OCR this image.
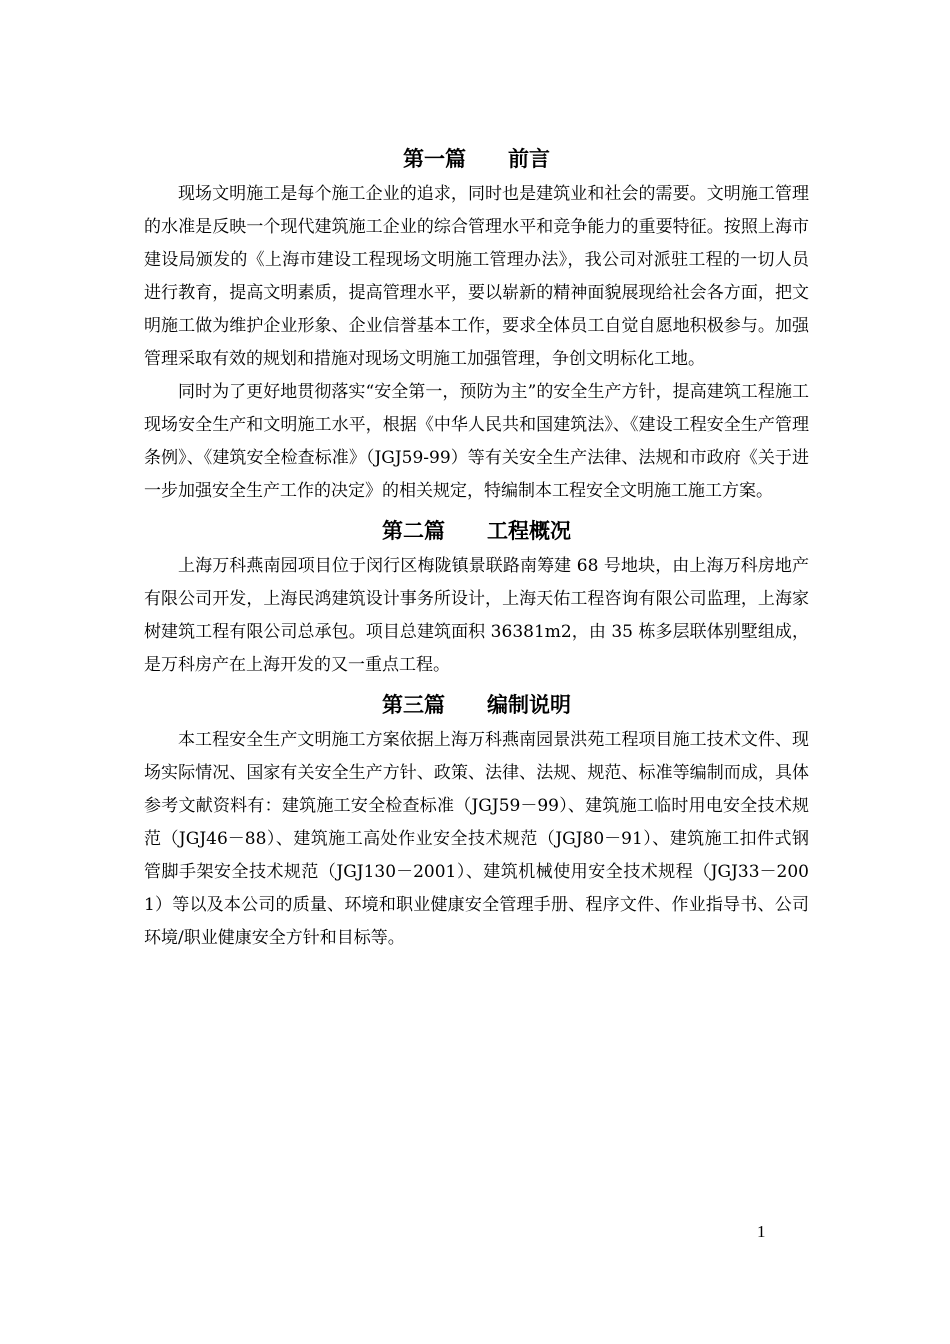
第一篇　　前言

现场文明施工是每个施工企业的追求，同时也是建筑业和社会的需要。文明施工管理的水准是反映一个现代建筑施工企业的综合管理水平和竞争能力的重要特征。按照上海市建设局颁发的《上海市建设工程现场文明施工管理办法》，我公司对派驻工程的一切人员进行教育，提高文明素质，提高管理水平，要以崭新的精神面貌展现给社会各方面，把文明施工做为维护企业形象、企业信誉基本工作，要求全体员工自觉自愿地积极参与。加强管理采取有效的规划和措施对现场文明施工加强管理，争创文明标化工地。

同时为了更好地贯彻落实“安全第一，预防为主”的安全生产方针，提高建筑工程施工现场安全生产和文明施工水平，根据《中华人民共和国建筑法》、《建设工程安全生产管理条例》、《建筑安全检查标准》（JGJ59-99）等有关安全生产法律、法规和市政府《关于进一步加强安全生产工作的决定》的相关规定，特编制本工程安全文明施工施工方案。

第二篇　　工程概况

上海万科燕南园项目位于闵行区梅陇镇景联路南筹建 68 号地块，由上海万科房地产有限公司开发，上海民鸿建筑设计事务所设计，上海天佑工程咨询有限公司监理，上海家树建筑工程有限公司总承包。项目总建筑面积 36381m2，由 35 栋多层联体别墅组成，是万科房产在上海开发的又一重点工程。

第三篇　　编制说明

本工程安全生产文明施工方案依据上海万科燕南园景洪苑工程项目施工技术文件、现场实际情况、国家有关安全生产方针、政策、法律、法规、规范、标准等编制而成，具体参考文献资料有：建筑施工安全检查标准（JGJ59－99）、建筑施工临时用电安全技术规范（JGJ46－88）、建筑施工高处作业安全技术规范（JGJ80－91）、建筑施工扣件式钢管脚手架安全技术规范（JGJ130－2001）、建筑机械使用安全技术规程（JGJ33－2001）等以及本公司的质量、环境和职业健康安全管理手册、程序文件、作业指导书、公司环境/职业健康安全方针和目标等。

1
